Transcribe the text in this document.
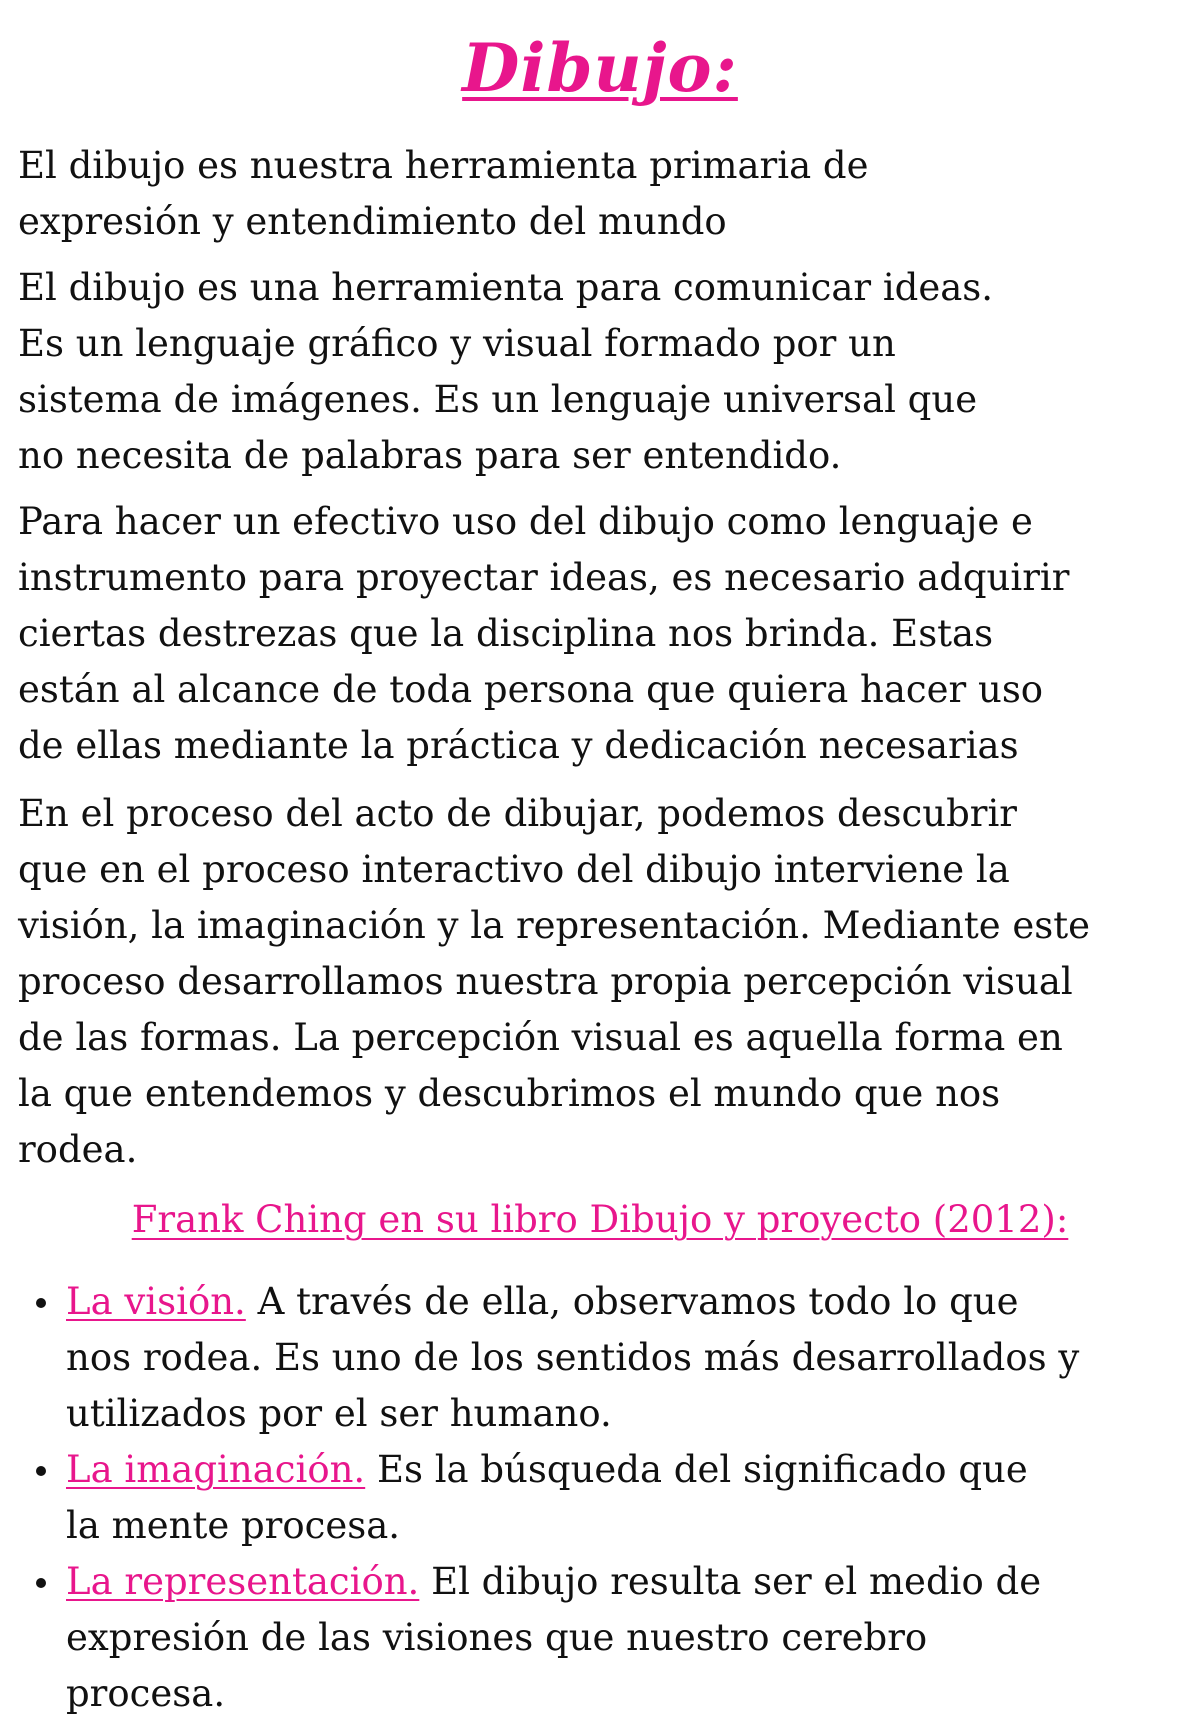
Dibujo:

El dibujo es nuestra herramienta primaria de
expresión y entendimiento del mundo

El dibujo es una herramienta para comunicar ideas.
Es un lenguaje gráfico y visual formado por un
sistema de imágenes. Es un lenguaje universal que
no necesita de palabras para ser entendido.

Para hacer un efectivo uso del dibujo como lenguaje e
instrumento para proyectar ideas, es necesario adquirir
ciertas destrezas que la disciplina nos brinda. Estas
están al alcance de toda persona que quiera hacer uso
de ellas mediante la práctica y dedicación necesarias

En el proceso del acto de dibujar, podemos descubrir
que en el proceso interactivo del dibujo interviene la
visión, la imaginación y la representación. Mediante este
proceso desarrollamos nuestra propia percepción visual
de las formas. La percepción visual es aquella forma en
la que entendemos y descubrimos el mundo que nos
rodea.

Frank Ching en su libro Dibujo y proyecto (2012):

La visión. A través de ella, observamos todo lo que
nos rodea. Es uno de los sentidos más desarrollados y
utilizados por el ser humano.
La imaginación. Es la búsqueda del significado que
la mente procesa.
La representación. El dibujo resulta ser el medio de
expresión de las visiones que nuestro cerebro
procesa.
